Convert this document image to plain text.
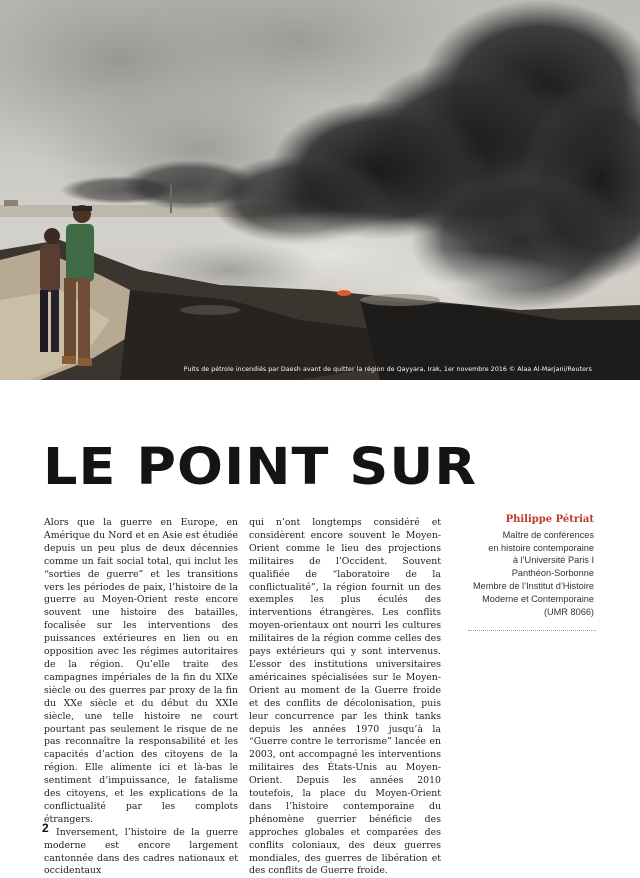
Puits de pétrole incendiés par Daesh avant de quitter la région de Qayyara, Irak, 1er novembre 2016 © Alaa Al-Marjani/Reuters
LE POINT SUR

Alors que la guerre en Europe, en Amérique du Nord et en Asie est étudiée depuis un peu plus de deux décennies comme un fait social total, qui inclut les “sorties de guerre” et les transitions vers les périodes de paix, l’histoire de la guerre au Moyen-Orient reste encore souvent une histoire des batailles, focalisée sur les interventions des puissances extérieures en lien ou en opposition avec les régimes autoritaires de la région. Qu’elle traite des campagnes impériales de la fin du XIXe siècle ou des guerres par proxy de la fin du XXe siècle et du début du XXIe siècle, une telle histoire ne court pourtant pas seulement le risque de ne pas reconnaître la responsabilité et les capacités d’action des citoyens de la région. Elle alimente ici et là-bas le sentiment d’impuissance, le fatalisme des citoyens, et les explications de la conflictualité par les complots étrangers.

Inversement, l’histoire de la guerre moderne est encore largement cantonnée dans des cadres nationaux et occidentaux

qui n’ont longtemps considéré et considèrent encore souvent le Moyen-Orient comme le lieu des projections militaires de l’Occident. Souvent qualifiée de “laboratoire de la conflictualité”, la région fournit un des exemples les plus éculés des interventions étrangères. Les conflits moyen-orientaux ont nourri les cultures militaires de la région comme celles des pays extérieurs qui y sont intervenus. L’essor des institutions universitaires américaines spécialisées sur le Moyen-Orient au moment de la Guerre froide et des conflits de décolonisation, puis leur concurrence par les think tanks depuis les années 1970 jusqu’à la “Guerre contre le terrorisme” lancée en 2003, ont accompagné les interventions militaires des États-Unis au Moyen-Orient. Depuis les années 2010 toutefois, la place du Moyen-Orient dans l’histoire contemporaine du phénomène guerrier bénéficie des approches globales et comparées des conflits coloniaux, des deux guerres mondiales, des guerres de libération et des conflits de Guerre froide.

Philippe Pétriat
Maître de conférences
en histoire contemporaine
à l’Université Paris I
Panthéon-Sorbonne
Membre de l’Institut d’Histoire
Moderne et Contemporaine
(UMR 8066)
2
